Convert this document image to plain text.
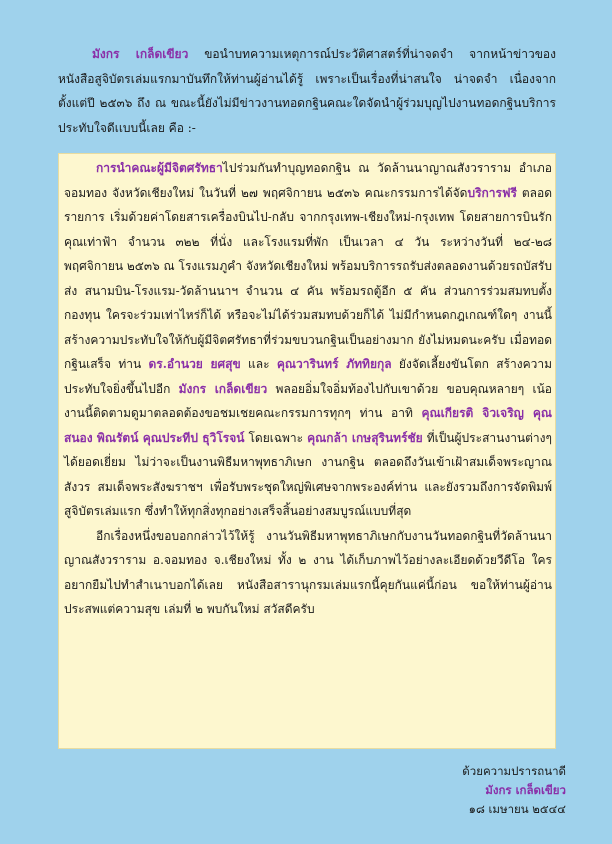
มังกร เกล็ดเขียว ขอนำบทความเหตุการณ์ประวัติศาสตร์ที่น่าจดจำ จากหน้าข่าวของหนังสือสูจิบัตรเล่มแรกมาบันทึกให้ท่านผู้อ่านได้รู้ เพราะเป็นเรื่องที่น่าสนใจ น่าจดจำ เนื่องจากตั้งแต่ปี ๒๕๓๖ ถึง ณ ขณะนี้ยังไม่มีข่าวงานทอดกฐินคณะใดจัดนำผู้ร่วมบุญไปงานทอดกฐินบริการประทับใจดีเเบบนี้เลย คือ :-

การนำคณะผู้มีจิตศรัทธาไปร่วมกันทำบุญทอดกฐิน ณ วัดล้านนาญาณสังวราราม อำเภอจอมทอง จังหวัดเชียงใหม่ ในวันที่ ๒๗ พฤศจิกายน ๒๕๓๖ คณะกรรมการได้จัดบริการฟรี ตลอดรายการ เริ่มด้วยค่าโดยสารเครื่องบินไป-กลับ จากกรุงเทพ-เชียงใหม่-กรุงเทพ โดยสายการบินรักคุณเท่าฟ้า จำนวน ๓๒๒ ที่นั่ง และโรงแรมที่พัก เป็นเวลา ๔ วัน ระหว่างวันที่ ๒๔-๒๘ พฤศจิกายน ๒๕๓๖ ณ โรงแรมภูคำ จังหวัดเชียงใหม่ พร้อมบริการรถรับส่งตลอดงานด้วยรถบัสรับส่ง สนามบิน-โรงแรม-วัดล้านนาฯ จำนวน ๔ คัน พร้อมรถตู้อีก ๕ คัน ส่วนการร่วมสมทบตั้งกองทุน ใครจะร่วมเท่าไหร่ก็ได้ หรือจะไม่ได้ร่วมสมทบด้วยก็ได้ ไม่มีกำหนดกฎเกณฑ์ใดๆ งานนี้สร้างความประทับใจให้กับผู้มีจิตศรัทธาที่ร่วมขบวนกฐินเป็นอย่างมาก ยังไม่หมดนะครับ เมื่อทอดกฐินเสร็จ ท่าน ดร.อำนวย ยศสุข และ คุณวารินทร์ ภัททิยกุล ยังจัดเลี้ยงขันโตก สร้างความประทับใจยิ่งขึ้นไปอีก มังกร เกล็ดเขียว พลอยอิ่มใจอิ่มท้องไปกับเขาด้วย ขอบคุณหลายๆ เน้อ งานนี้ติดตามดูมาตลอดต้องขอชมเชยคณะกรรมการทุกๆ ท่าน อาทิ คุณเกียรติ จิวเจริญ คุณสนอง พิณรัตน์ คุณประทีป ธุวิโรจน์ โดยเฉพาะ คุณกล้า เกษสุรินทร์ชัย ที่เป็นผู้ประสานงานต่างๆ ได้ยอดเยี่ยม ไม่ว่าจะเป็นงานพิธีมหาพุทธาภิเษก งานกฐิน ตลอดถึงวันเข้าเฝ้าสมเด็จพระญาณสังวร สมเด็จพระสังฆราชฯ เพื่อรับพระชุดใหญ่พิเศษจากพระองค์ท่าน และยังรวมถึงการจัดพิมพ์สูจิบัตรเล่มแรก ซึ่งทำให้ทุกสิ่งทุกอย่างเสร็จสิ้นอย่างสมบูรณ์แบบที่สุด

อีกเรื่องหนึ่งขอบอกกล่าวไว้ให้รู้ งานวันพิธีมหาพุทธาภิเษกกับงานวันทอดกฐินที่วัดล้านนาญาณสังวราราม อ.จอมทอง จ.เชียงใหม่ ทั้ง ๒ งาน ได้เก็บภาพไว้อย่างละเอียดด้วยวีดีโอ ใครอยากยืมไปทำสำเนาบอกได้เลย หนังสือสารานุกรมเล่มแรกนี้คุยกันแค่นี้ก่อน ขอให้ท่านผู้อ่านประสพแต่ความสุข เล่มที่ ๒ พบกันใหม่ สวัสดีครับ

ด้วยความปรารถนาดี
มังกร เกล็ดเขียว
๑๘ เมษายน ๒๕๔๔
